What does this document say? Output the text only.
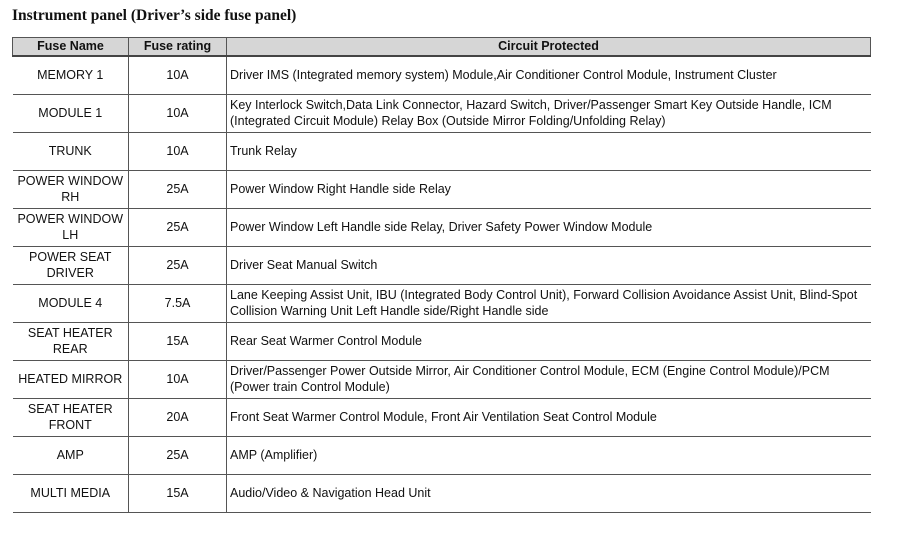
Instrument panel (Driver’s side fuse panel)
Fuse Name	Fuse rating	Circuit Protected
MEMORY 1	10A	Driver IMS (Integrated memory system) Module,Air Conditioner Control Module, Instrument Cluster
MODULE 1	10A	Key Interlock Switch,Data Link Connector, Hazard Switch, Driver/Passenger Smart Key Outside Handle, ICM (Integrated Circuit Module) Relay Box (Outside Mirror Folding/Unfolding Relay)
TRUNK	10A	Trunk Relay
POWER WINDOW RH	25A	Power Window Right Handle side Relay
POWER WINDOW LH	25A	Power Window Left Handle side Relay, Driver Safety Power Window Module
POWER SEAT DRIVER	25A	Driver Seat Manual Switch
MODULE 4	7.5A	Lane Keeping Assist Unit, IBU (Integrated Body Control Unit), Forward Collision Avoidance Assist Unit, Blind-Spot Collision Warning Unit Left Handle side/Right Handle side
SEAT HEATER REAR	15A	Rear Seat Warmer Control Module
HEATED MIRROR	10A	Driver/Passenger Power Outside Mirror, Air Conditioner Control Module, ECM (Engine Control Module)/PCM (Power train Control Module)
SEAT HEATER FRONT	20A	Front Seat Warmer Control Module, Front Air Ventilation Seat Control Module
AMP	25A	AMP (Amplifier)
MULTI MEDIA	15A	Audio/Video & Navigation Head Unit
